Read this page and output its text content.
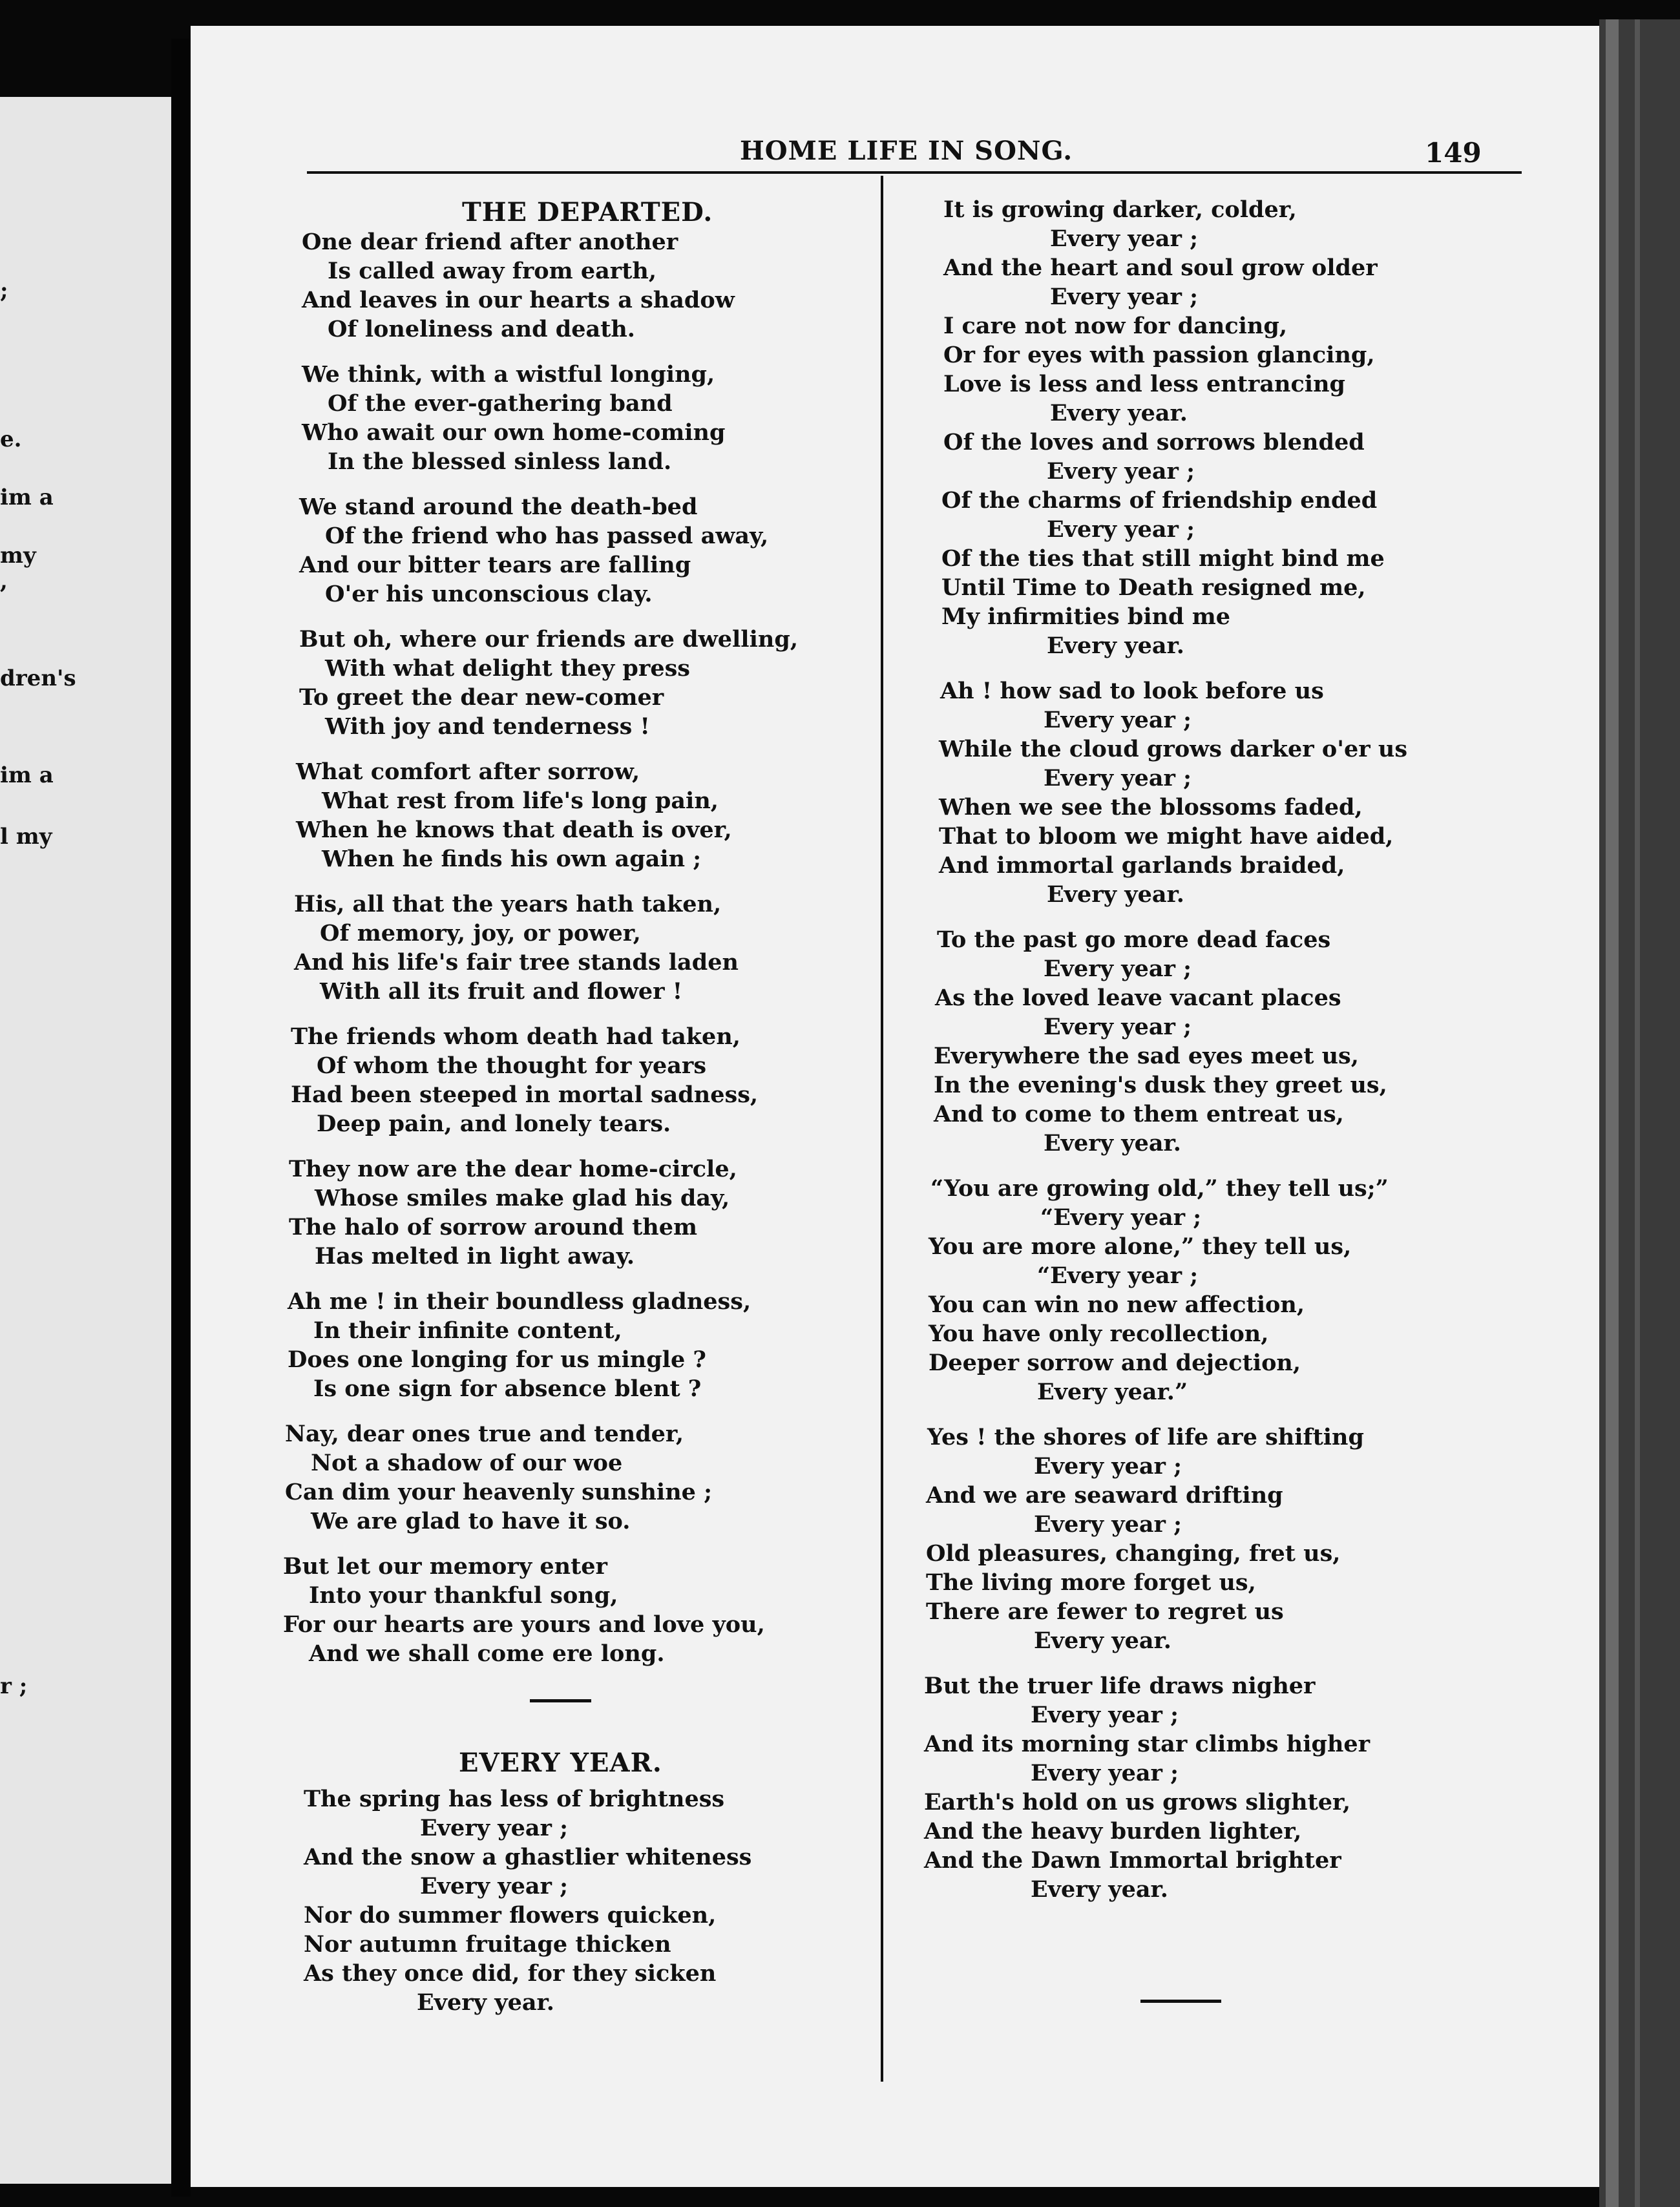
;
e.
im a
my
,
dren's
im a
l my
r ;
HOME LIFE IN SONG.	149
THE DEPARTED.
One dear friend after another
Is called away from earth,
And leaves in our hearts a shadow
Of loneliness and death.
We think, with a wistful longing,
Of the ever-gathering band
Who await our own home-coming
In the blessed sinless land.
We stand around the death-bed
Of the friend who has passed away,
And our bitter tears are falling
O'er his unconscious clay.
But oh, where our friends are dwelling,
With what delight they press
To greet the dear new-comer
With joy and tenderness !
What comfort after sorrow,
What rest from life's long pain,
When he knows that death is over,
When he finds his own again ;
His, all that the years hath taken,
Of memory, joy, or power,
And his life's fair tree stands laden
With all its fruit and flower !
The friends whom death had taken,
Of whom the thought for years
Had been steeped in mortal sadness,
Deep pain, and lonely tears.
They now are the dear home-circle,
Whose smiles make glad his day,
The halo of sorrow around them
Has melted in light away.
Ah me ! in their boundless gladness,
In their infinite content,
Does one longing for us mingle ?
Is one sign for absence blent ?
Nay, dear ones true and tender,
Not a shadow of our woe
Can dim your heavenly sunshine ;
We are glad to have it so.
But let our memory enter
Into your thankful song,
For our hearts are yours and love you,
And we shall come ere long.
EVERY YEAR.
The spring has less of brightness
Every year ;
And the snow a ghastlier whiteness
Every year ;
Nor do summer flowers quicken,
Nor autumn fruitage thicken
As they once did, for they sicken
Every year.
It is growing darker, colder,
Every year ;
And the heart and soul grow older
Every year ;
I care not now for dancing,
Or for eyes with passion glancing,
Love is less and less entrancing
Every year.
Of the loves and sorrows blended
Every year ;
Of the charms of friendship ended
Every year ;
Of the ties that still might bind me
Until Time to Death resigned me,
My infirmities bind me
Every year.
Ah ! how sad to look before us
Every year ;
While the cloud grows darker o'er us
Every year ;
When we see the blossoms faded,
That to bloom we might have aided,
And immortal garlands braided,
Every year.
To the past go more dead faces
Every year ;
As the loved leave vacant places
Every year ;
Everywhere the sad eyes meet us,
In the evening's dusk they greet us,
And to come to them entreat us,
Every year.
“You are growing old,” they tell us;”
“Every year ;
You are more alone,” they tell us,
“Every year ;
You can win no new affection,
You have only recollection,
Deeper sorrow and dejection,
Every year.”
Yes ! the shores of life are shifting
Every year ;
And we are seaward drifting
Every year ;
Old pleasures, changing, fret us,
The living more forget us,
There are fewer to regret us
Every year.
But the truer life draws nigher
Every year ;
And its morning star climbs higher
Every year ;
Earth's hold on us grows slighter,
And the heavy burden lighter,
And the Dawn Immortal brighter
Every year.
